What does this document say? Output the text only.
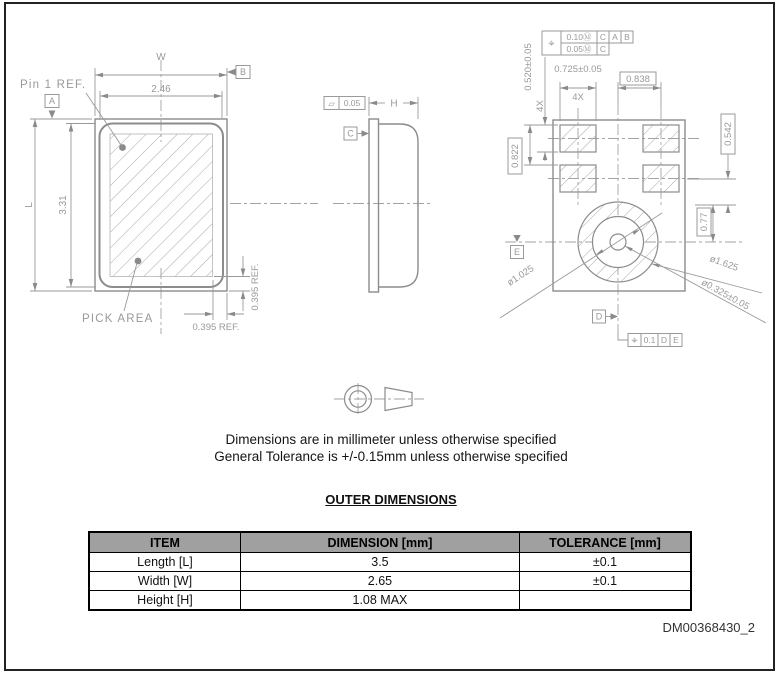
Pin 1 REF.
PICK AREA
W
B
2.46
L
A
3.31
0.395 REF.
0.395 REF.
H
▱ 0.05
C
⌖
0.10Ⓜ C A B
0.05Ⓜ C
0.520±0.05
4X
0.822
0.725±0.05
4X
0.838
0.542
0.77
ø1.025	ø1.625
ø0.325±0.05
E
D
⌖ 0.1 D E
Dimensions are in millimeter unless otherwise specified
General Tolerance is +/-0.15mm unless otherwise specified
OUTER DIMENSIONS
ITEM	DIMENSION [mm]	TOLERANCE [mm]
Length [L]	3.5	±0.1
Width [W]	2.65	±0.1
Height [H]	1.08 MAX	
DM00368430_2
